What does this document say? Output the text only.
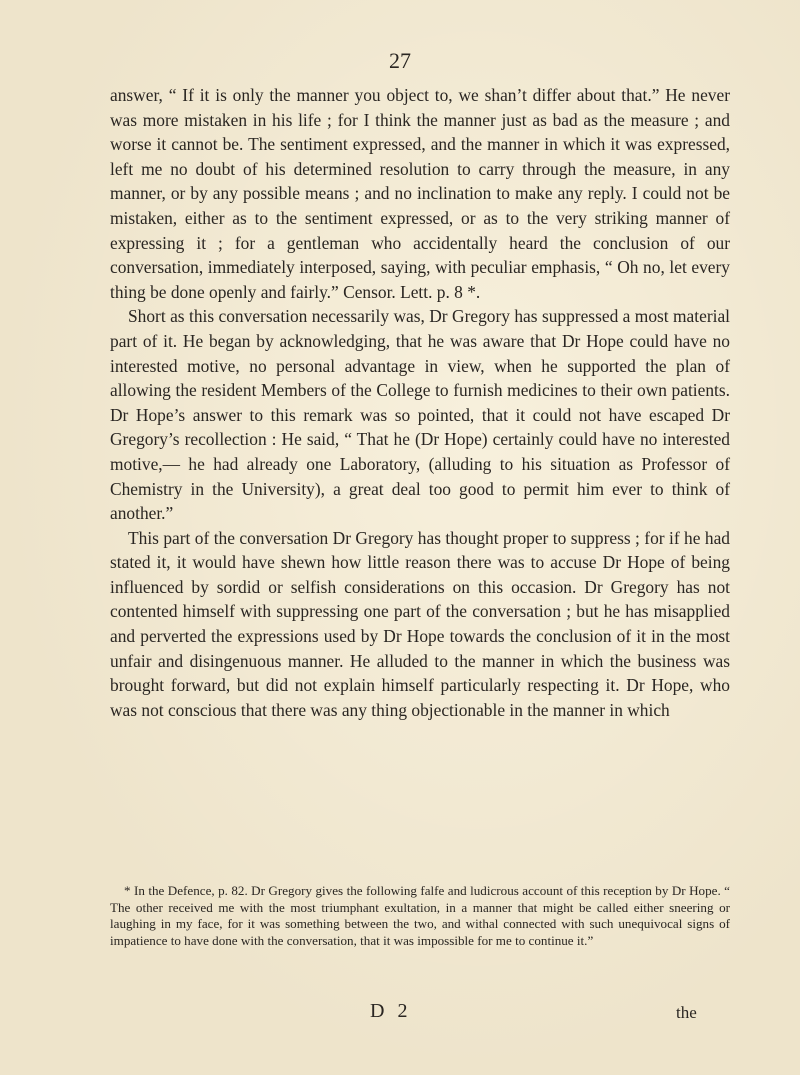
27

answer, “ If it is only the manner you object to, we shan’t differ about that.” He never was more mistaken in his life ; for I think the manner just as bad as the measure ; and worse it cannot be. The sentiment expressed, and the manner in which it was expressed, left me no doubt of his determined resolution to carry through the measure, in any manner, or by any possible means ; and no inclination to make any reply. I could not be mistaken, either as to the sentiment expressed, or as to the very striking manner of expressing it ; for a gentleman who accidentally heard the conclusion of our conversation, immediately interposed, saying, with peculiar emphasis, “ Oh no, let every thing be done openly and fairly.” Censor. Lett. p. 8 *.

Short as this conversation necessarily was, Dr Gregory has suppressed a most material part of it. He began by acknowledging, that he was aware that Dr Hope could have no interested motive, no personal advantage in view, when he supported the plan of allowing the resident Members of the College to furnish medicines to their own patients. Dr Hope’s answer to this remark was so pointed, that it could not have escaped Dr Gregory’s recollection : He said, “ That he (Dr Hope) certainly could have no interested motive,— he had already one Laboratory, (alluding to his situation as Professor of Chemistry in the University), a great deal too good to permit him ever to think of another.”

This part of the conversation Dr Gregory has thought proper to suppress ; for if he had stated it, it would have shewn how little reason there was to accuse Dr Hope of being influenced by sordid or selfish considerations on this occasion. Dr Gregory has not contented himself with suppressing one part of the conversation ; but he has misapplied and perverted the expressions used by Dr Hope towards the conclusion of it in the most unfair and disingenuous manner. He alluded to the manner in which the business was brought forward, but did not explain himself particularly respecting it. Dr Hope, who was not conscious that there was any thing objectionable in the manner in which

* In the Defence, p. 82. Dr Gregory gives the following falfe and ludicrous account of this reception by Dr Hope. “ The other received me with the most triumphant exultation, in a manner that might be called either sneering or laughing in my face, for it was something between the two, and withal connected with such unequivocal signs of impatience to have done with the conversation, that it was impossible for me to continue it.”

D 2	the
